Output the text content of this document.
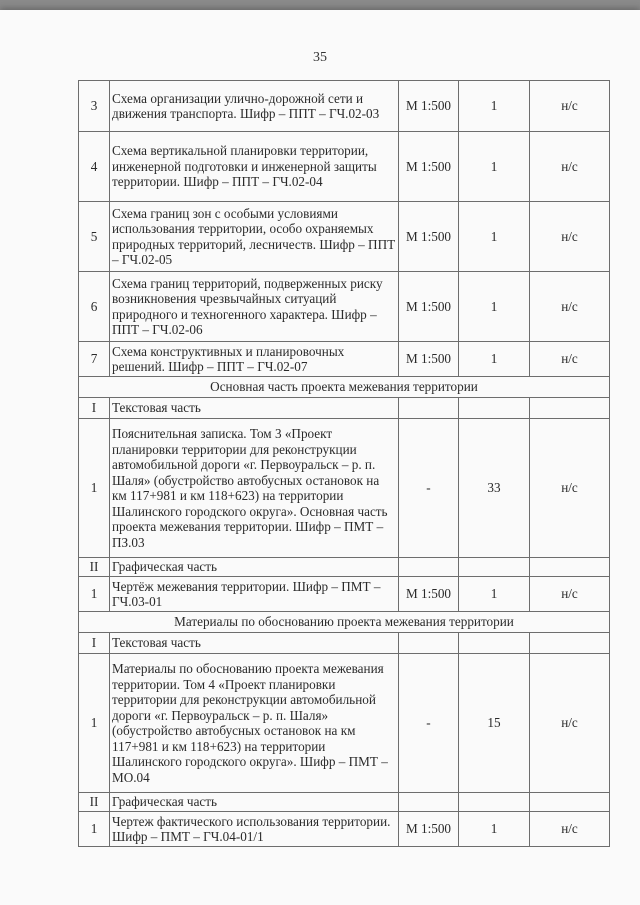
35
3	Схема организации улично-дорожной сети и движения транспорта. Шифр – ППТ – ГЧ.02-03	М 1:500	1	н/с
4	Схема вертикальной планировки территории, инженерной подготовки и инженерной защиты территории. Шифр – ППТ – ГЧ.02-04	М 1:500	1	н/с
5	Схема границ зон с особыми условиями использования территории, особо охраняемых природных территорий, лесничеств. Шифр – ППТ – ГЧ.02-05	М 1:500	1	н/с
6	Схема границ территорий, подверженных риску возникновения чрезвычайных ситуаций природного и техногенного характера. Шифр – ППТ – ГЧ.02-06	М 1:500	1	н/с
7	Схема конструктивных и планировочных решений. Шифр – ППТ – ГЧ.02-07	М 1:500	1	н/с
Основная часть проекта межевания территории				
I	Текстовая часть			
1	Пояснительная записка. Том 3 «Проект планировки территории для реконструкции автомобильной дороги «г. Первоуральск – р. п. Шаля» (обустройство автобусных остановок на км 117+981 и км 118+623) на территории Шалинского городского округа». Основная часть проекта межевания территории. Шифр – ПМТ – ПЗ.03	-	33	н/с
II	Графическая часть			
1	Чертёж межевания территории. Шифр – ПМТ – ГЧ.03-01	М 1:500	1	н/с
Материалы по обоснованию проекта межевания территории				
I	Текстовая часть			
1	Материалы по обоснованию проекта межевания территории. Том 4 «Проект планировки территории для реконструкции автомобильной дороги «г. Первоуральск – р. п. Шаля» (обустройство автобусных остановок на км 117+981 и км 118+623) на территории Шалинского городского округа». Шифр – ПМТ – МО.04	-	15	н/с
II	Графическая часть			
1	Чертеж фактического использования территории. Шифр – ПМТ – ГЧ.04-01/1	М 1:500	1	н/с
